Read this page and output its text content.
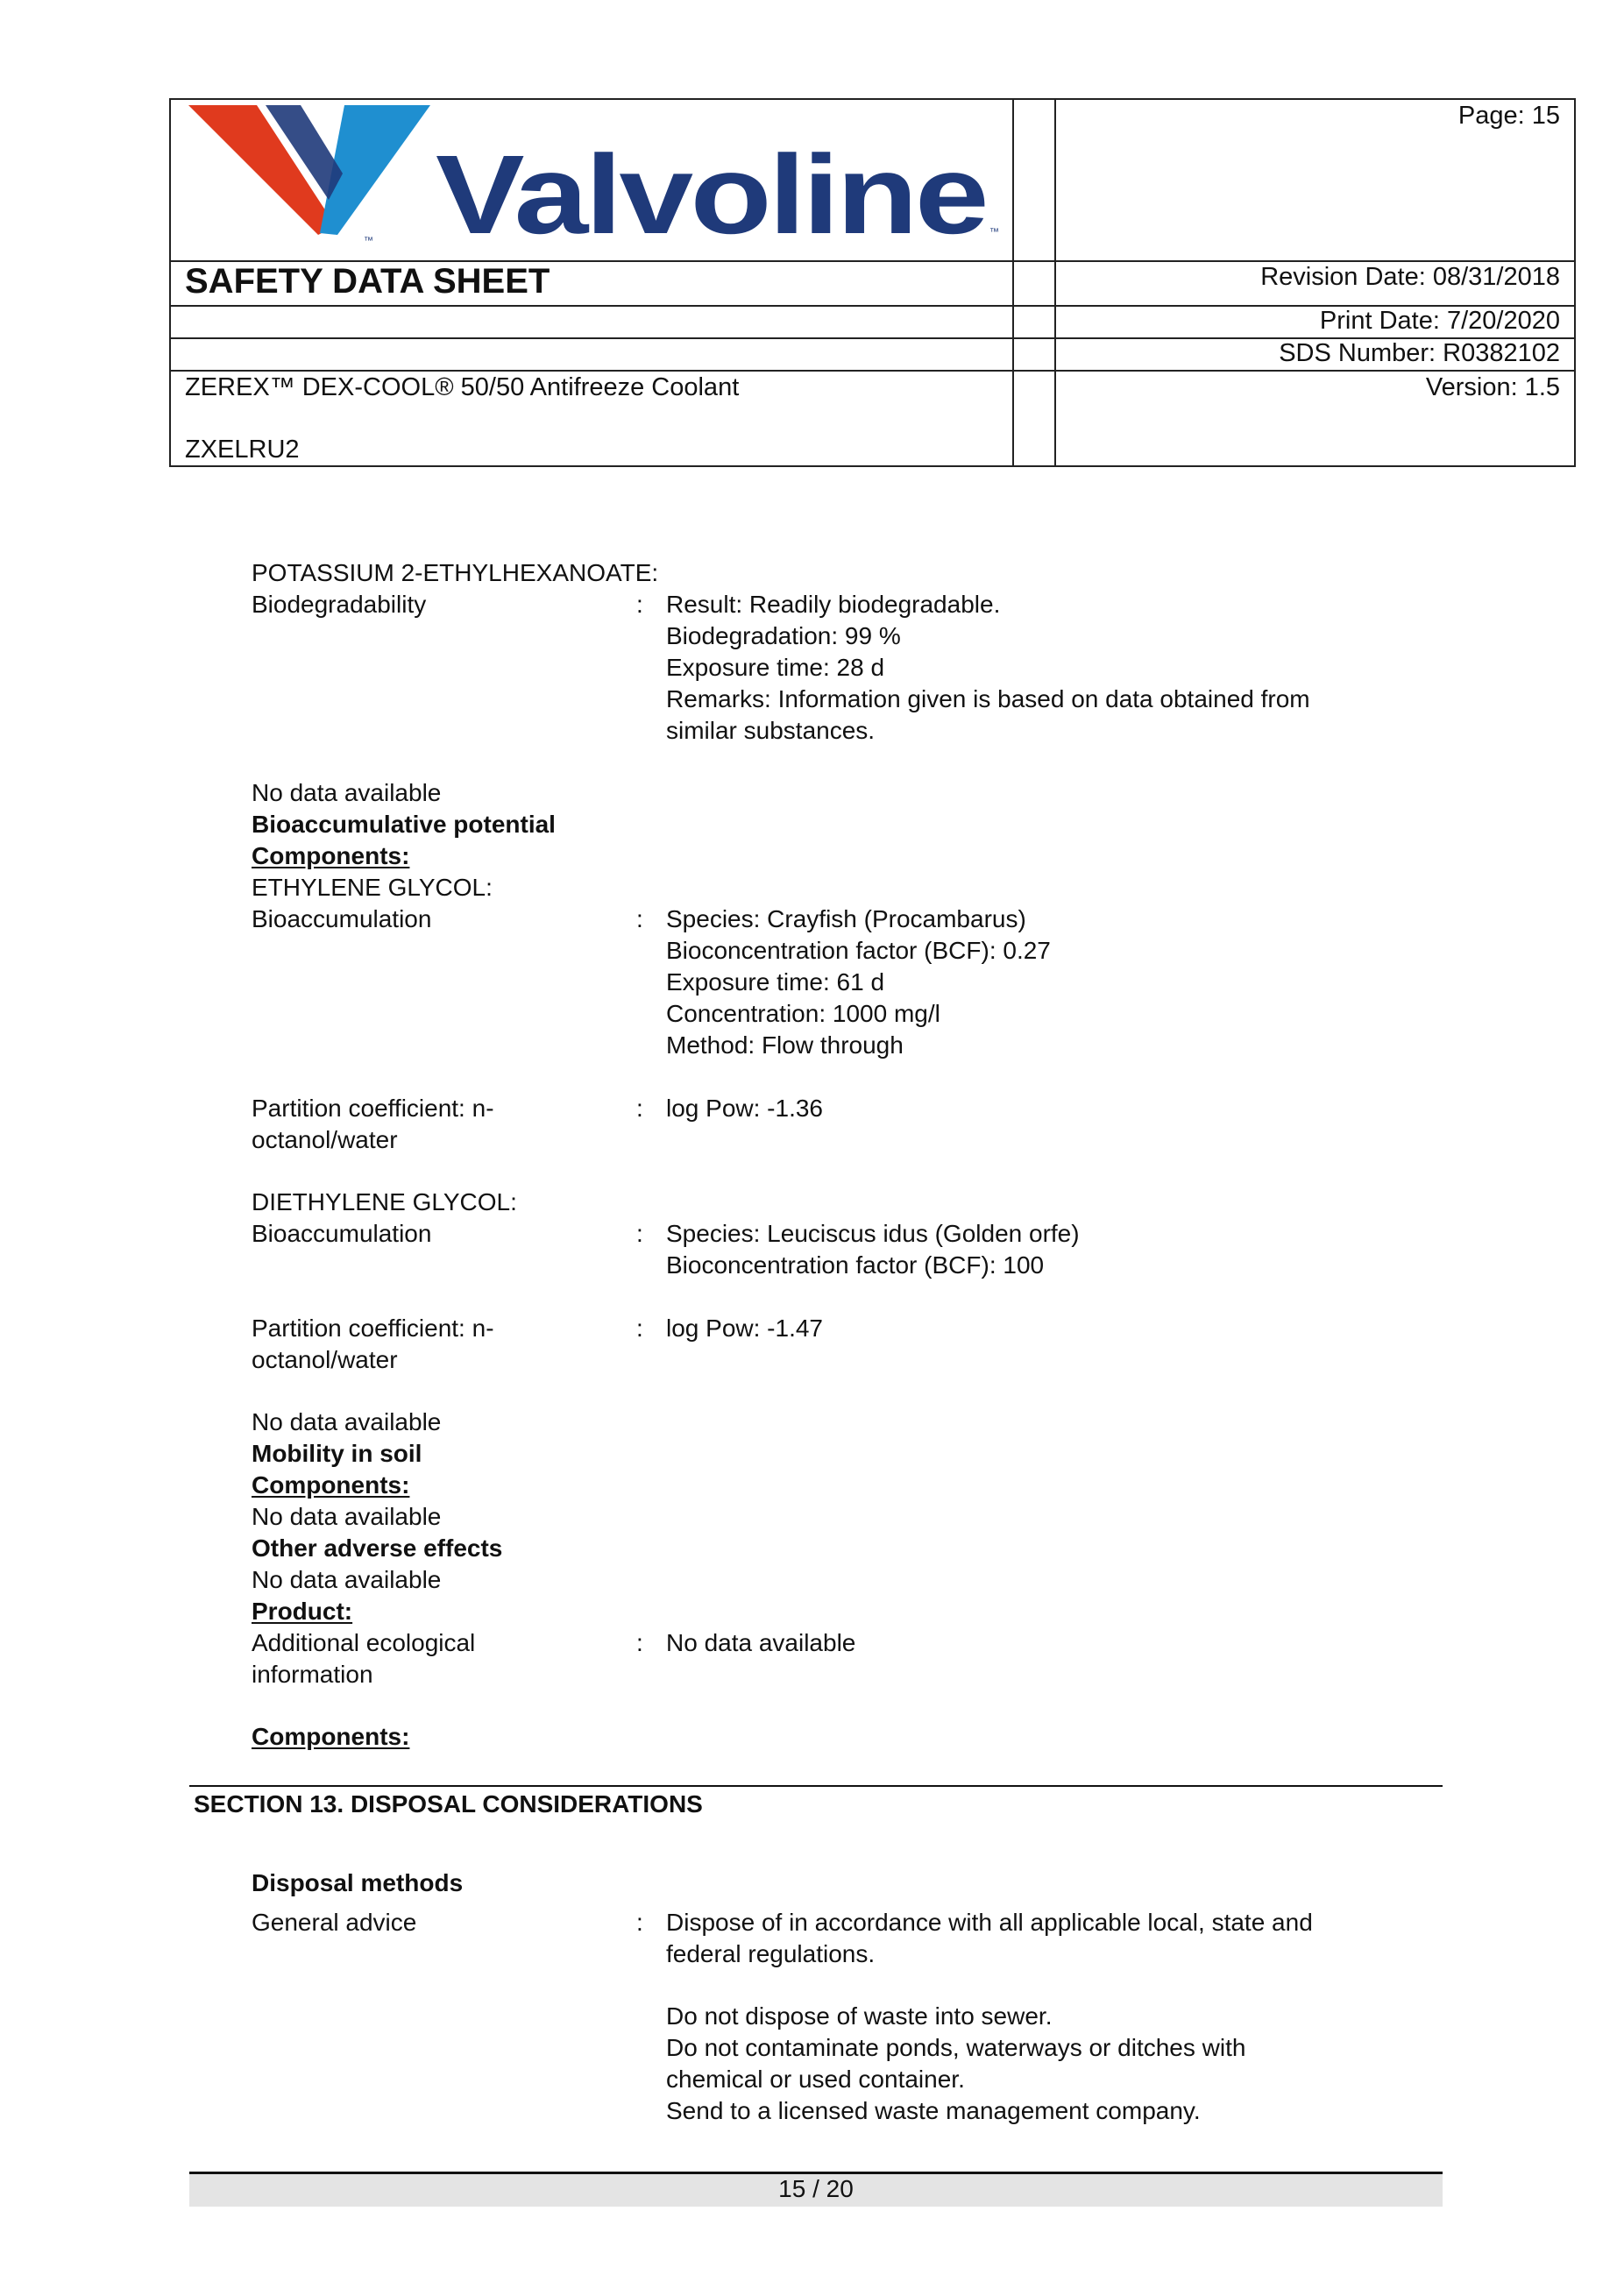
™ Valvoline ™
Page: 15
SAFETY DATA SHEET	Revision Date: 08/31/2018
Print Date: 7/20/2020
SDS Number: R0382102
ZEREX™ DEX-COOL® 50/50 Antifreeze Coolant	Version: 1.5
ZXELRU2
POTASSIUM 2-ETHYLHEXANOATE:
Biodegradability	: Result: Readily biodegradable.
Biodegradation: 99 %
Exposure time: 28 d
Remarks: Information given is based on data obtained from
similar substances.
No data available
Bioaccumulative potential
Components:
ETHYLENE GLYCOL:
Bioaccumulation	: Species: Crayfish (Procambarus)
Bioconcentration factor (BCF): 0.27
Exposure time: 61 d
Concentration: 1000 mg/l
Method: Flow through
Partition coefficient: n-
octanol/water
: log Pow: -1.36
DIETHYLENE GLYCOL:
Bioaccumulation	: Species: Leuciscus idus (Golden orfe)
Bioconcentration factor (BCF): 100
Partition coefficient: n-
octanol/water
: log Pow: -1.47
No data available
Mobility in soil
Components:
No data available
Other adverse effects
No data available
Product:
Additional ecological
information
: No data available
Components:
SECTION 13. DISPOSAL CONSIDERATIONS
Disposal methods
General advice	: Dispose of in accordance with all applicable local, state and
federal regulations.
Do not dispose of waste into sewer.
Do not contaminate ponds, waterways or ditches with
chemical or used container.
Send to a licensed waste management company.
15 / 20
